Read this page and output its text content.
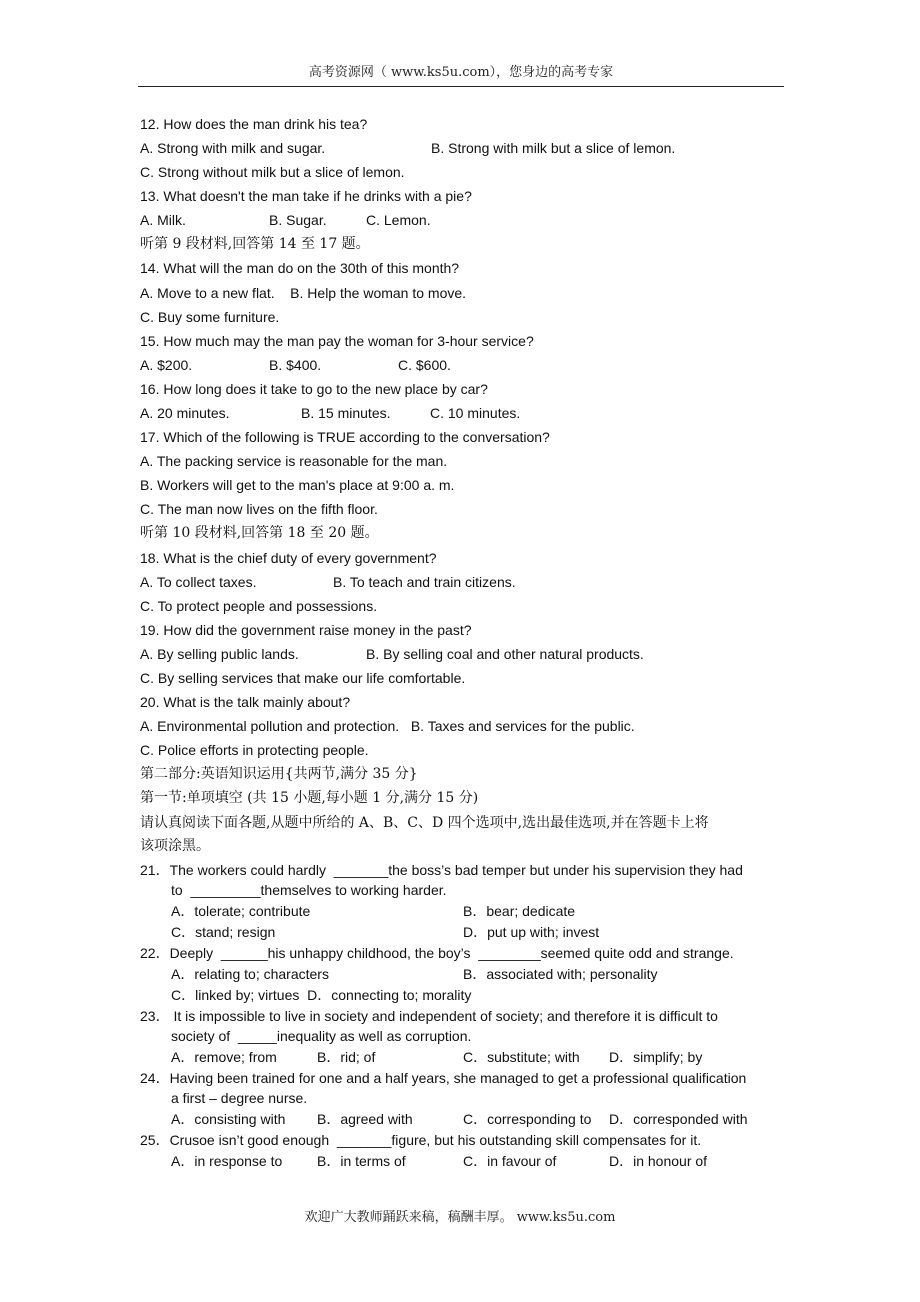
高考资源网（ www.ks5u.com），您身边的高考专家
12. How does the man drink his tea?
A. Strong with milk and sugar.	B. Strong with milk but a slice of lemon.
C. Strong without milk but a slice of lemon.
13. What doesn't the man take if he drinks with a pie?
A. Milk.	B. Sugar.	C. Lemon.
听第 9 段材料,回答第 14 至 17 题。
14. What will the man do on the 30th of this month?
A. Move to a new flat.    B. Help the woman to move.
C. Buy some furniture.
15. How much may the man pay the woman for 3-hour service?
A. $200.	B. $400.	C. $600.
16. How long does it take to go to the new place by car?
A. 20 minutes.	B. 15 minutes.	C. 10 minutes.
17. Which of the following is TRUE according to the conversation?
A. The packing service is reasonable for the man.
B. Workers will get to the man's place at 9:00 a. m.
C. The man now lives on the fifth floor.
听第 10 段材料,回答第 18 至 20 题。
18. What is the chief duty of every government?
A. To collect taxes.	B. To teach and train citizens.
C. To protect people and possessions.
19. How did the government raise money in the past?
A. By selling public lands.	B. By selling coal and other natural products.
C. By selling services that make our life comfortable.
20. What is the talk mainly about?
A. Environmental pollution and protection.   B. Taxes and services for the public.
C. Police efforts in protecting people.
第二部分:英语知识运用{共两节,满分 35 分}
第一节:单项填空 (共 15 小题,每小题 1 分,满分 15 分)
请认真阅读下面各题,从题中所给的 A、B、C、D 四个选项中,选出最佳选项,并在答题卡上将
该项涂黑。
21．The workers could hardly  _______the boss’s bad temper but under his supervision they had
to  _________themselves to working harder.
A．tolerate; contribute	B．bear; dedicate
C．stand; resign	D．put up with; invest
22．Deeply  ______his unhappy childhood, the boy’s  ________seemed quite odd and strange.
A．relating to; characters	B．associated with; personality
C．linked by; virtues  D．connecting to; morality
23． It is impossible to live in society and independent of society; and therefore it is difficult to
society of  _____inequality as well as corruption.
A．remove; from	B．rid; of	C．substitute; with D．simplify; by
24．Having been trained for one and a half years, she managed to get a professional qualification
a first – degree nurse.
A．consisting with B．agreed with	C．corresponding to D．corresponded with
25．Crusoe isn’t good enough  _______figure, but his outstanding skill compensates for it.
A．in response to B．in terms of	C．in favour of	D．in honour of
欢迎广大教师踊跃来稿，稿酬丰厚。 www.ks5u.com
